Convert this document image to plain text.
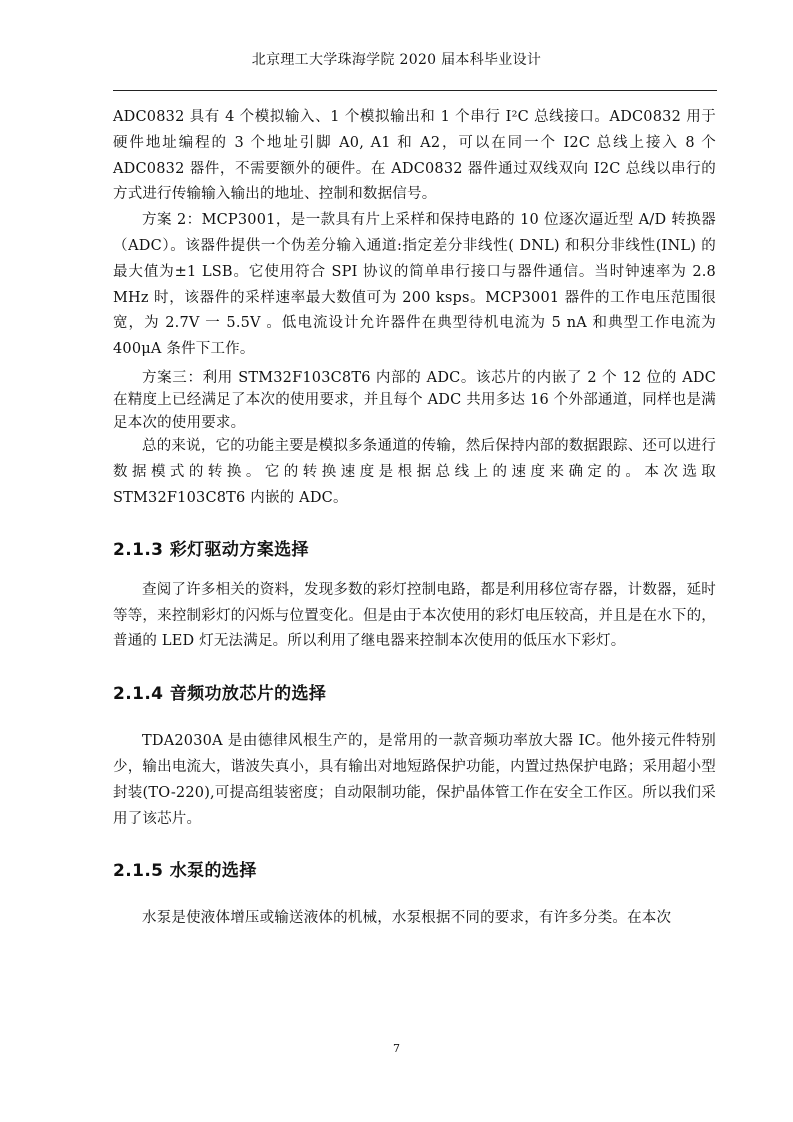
北京理工大学珠海学院 2020 届本科毕业设计

ADC0832 具有 4 个模拟输入、1 个模拟输出和 1 个串行 I²C 总线接口。ADC0832 用于硬件地址编程的 3 个地址引脚 A0, A1 和 A2，可以在同一个 I2C 总线上接入 8 个 ADC0832 器件，不需要额外的硬件。在 ADC0832 器件通过双线双向 I2C 总线以串行的方式进行传输输入输出的地址、控制和数据信号。

方案 2：MCP3001，是一款具有片上采样和保持电路的 10 位逐次逼近型 A/D 转换器（ADC）。该器件提供一个伪差分输入通道:指定差分非线性( DNL) 和积分非线性(INL) 的最大值为±1 LSB。它使用符合 SPI 协议的简单串行接口与器件通信。当时钟速率为 2.8 MHz 时，该器件的采样速率最大数值可为 200 ksps。MCP3001 器件的工作电压范围很宽，为 2.7V 一 5.5V 。低电流设计允许器件在典型待机电流为 5 nA 和典型工作电流为 400μA 条件下工作。

方案三：利用 STM32F103C8T6 内部的 ADC。该芯片的内嵌了 2 个 12 位的 ADC 在精度上已经满足了本次的使用要求，并且每个 ADC 共用多达 16 个外部通道，同样也是满足本次的使用要求。

总的来说，它的功能主要是模拟多条通道的传输，然后保持内部的数据跟踪、还可以进行数据模式的转换。它的转换速度是根据总线上的速度来确定的。本次选取 STM32F103C8T6 内嵌的 ADC。

2.1.3 彩灯驱动方案选择

查阅了许多相关的资料，发现多数的彩灯控制电路，都是利用移位寄存器，计数器，延时等等，来控制彩灯的闪烁与位置变化。但是由于本次使用的彩灯电压较高，并且是在水下的，普通的 LED 灯无法满足。所以利用了继电器来控制本次使用的低压水下彩灯。

2.1.4 音频功放芯片的选择

TDA2030A 是由德律风根生产的，是常用的一款音频功率放大器 IC。他外接元件特别少，输出电流大，谐波失真小，具有输出对地短路保护功能，内置过热保护电路；采用超小型封装(TO-220),可提高组装密度；自动限制功能，保护晶体管工作在安全工作区。所以我们采用了该芯片。

2.1.5 水泵的选择

水泵是使液体增压或输送液体的机械，水泵根据不同的要求，有许多分类。在本次

7
